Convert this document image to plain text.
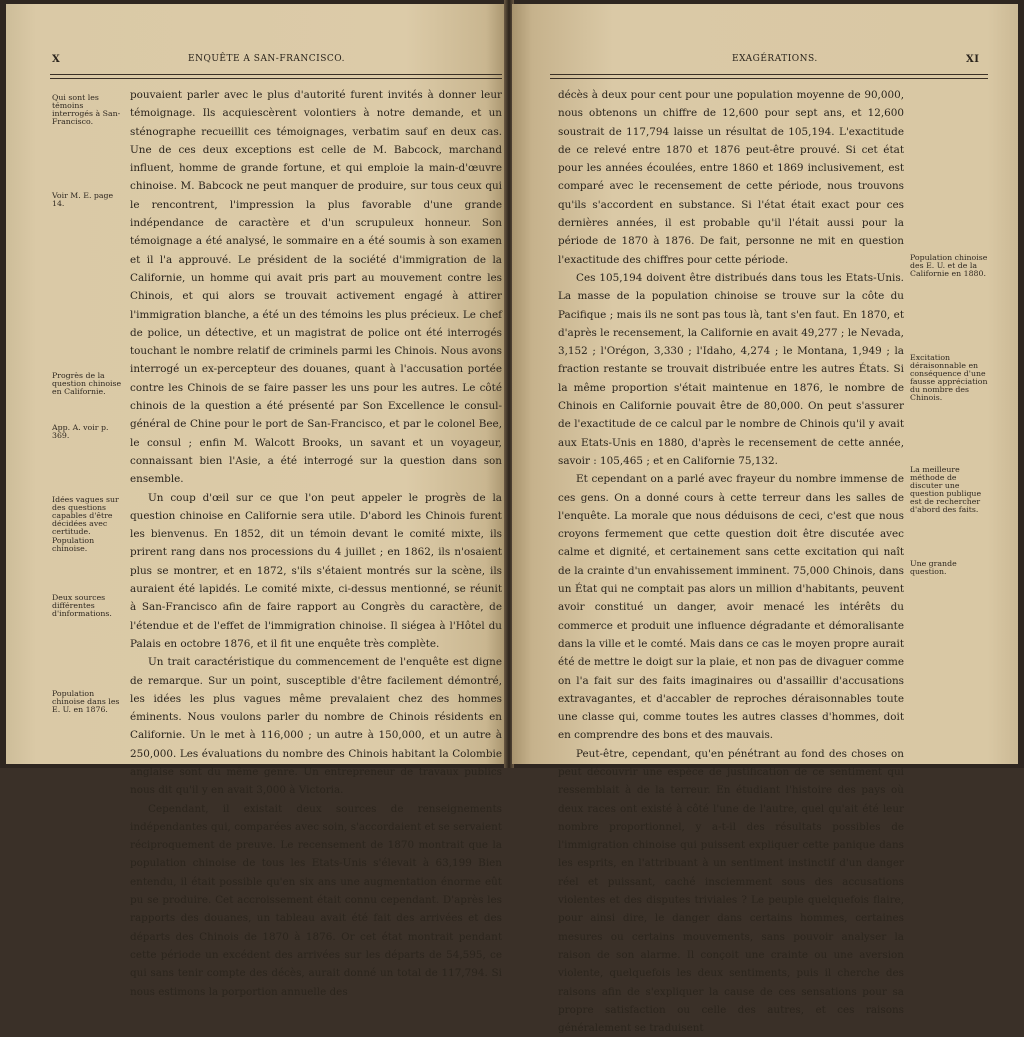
X	ENQUÊTE A SAN-FRANCISCO.
Qui sont les témoins interrogés à San-Francisco.
Voir M. E. page 14.
Progrès de la question chinoise en Californie.
App. A. voir p. 369.
Idées vagues sur des questions capables d'être décidées avec certitude.
Population chinoise.
Deux sources différentes d'informations.
Population chinoise dans les E. U. en 1876.

pouvaient parler avec le plus d'autorité furent invités à donner leur témoignage. Ils acquiescèrent volontiers à notre demande, et un sténographe recueillit ces témoignages, verbatim sauf en deux cas. Une de ces deux exceptions est celle de M. Babcock, marchand influent, homme de grande fortune, et qui emploie la main-d'œuvre chinoise. M. Babcock ne peut manquer de produire, sur tous ceux qui le rencontrent, l'impression la plus favorable d'une grande indépendance de caractère et d'un scrupuleux honneur. Son témoignage a été analysé, le sommaire en a été soumis à son examen et il l'a approuvé. Le président de la société d'immigration de la Californie, un homme qui avait pris part au mouvement contre les Chinois, et qui alors se trouvait activement engagé à attirer l'immigration blanche, a été un des témoins les plus précieux. Le chef de police, un détective, et un magistrat de police ont été interrogés touchant le nombre relatif de criminels parmi les Chinois. Nous avons interrogé un ex-percepteur des douanes, quant à l'accusation portée contre les Chinois de se faire passer les uns pour les autres. Le côté chinois de la question a été présenté par Son Excellence le consul-général de Chine pour le port de San-Francisco, et par le colonel Bee, le consul ; enfin M. Walcott Brooks, un savant et un voyageur, connaissant bien l'Asie, a été interrogé sur la question dans son ensemble.

Un coup d'œil sur ce que l'on peut appeler le progrès de la question chinoise en Californie sera utile. D'abord les Chinois furent les bienvenus. En 1852, dit un témoin devant le comité mixte, ils prirent rang dans nos processions du 4 juillet ; en 1862, ils n'osaient plus se montrer, et en 1872, s'ils s'étaient montrés sur la scène, ils auraient été lapidés. Le comité mixte, ci-dessus mentionné, se réunit à San-Francisco afin de faire rapport au Congrès du caractère, de l'étendue et de l'effet de l'immigration chinoise. Il siégea à l'Hôtel du Palais en octobre 1876, et il fit une enquête très complète.

Un trait caractéristique du commencement de l'enquête est digne de remarque. Sur un point, susceptible d'être facilement démontré, les idées les plus vagues même prevalaient chez des hommes éminents. Nous voulons parler du nombre de Chinois résidents en Californie. Un le met à 116,000 ; un autre à 150,000, et un autre à 250,000. Les évaluations du nombre des Chinois habitant la Colombie anglaise sont du même genre. Un entrepreneur de travaux publics nous dit qu'il y en avait 3,000 à Victoria.

Cependant, il existait deux sources de renseignements indépendantes qui, comparées avec soin, s'accordaient et se servaient réciproquement de preuve. Le recensement de 1870 montrait que la population chinoise de tous les Etats-Unis s'élevait à 63,199 Bien entendu, il était possible qu'en six ans une augmentation énorme eût pu se produire. Cet accroissement était connu cependant. D'après les rapports des douanes, un tableau avait été fait des arrivées et des départs des Chinois de 1870 à 1876. Or cet état montrait pendant cette période un excédent des arrivées sur les départs de 54,595, ce qui sans tenir compte des décès, aurait donné un total de 117,794. Si nous estimons la porportion annuelle des

EXAGÉRATIONS.	XI

décès à deux pour cent pour une population moyenne de 90,000, nous obtenons un chiffre de 12,600 pour sept ans, et 12,600 soustrait de 117,794 laisse un résultat de 105,194. L'exactitude de ce relevé entre 1870 et 1876 peut-être prouvé. Si cet état pour les années écoulées, entre 1860 et 1869 inclusivement, est comparé avec le recensement de cette période, nous trouvons qu'ils s'accordent en substance. Si l'état était exact pour ces dernières années, il est probable qu'il l'était aussi pour la période de 1870 à 1876. De fait, personne ne mit en question l'exactitude des chiffres pour cette période.

Ces 105,194 doivent être distribués dans tous les Etats-Unis. La masse de la population chinoise se trouve sur la côte du Pacifique ; mais ils ne sont pas tous là, tant s'en faut. En 1870, et d'après le recensement, la Californie en avait 49,277 ; le Nevada, 3,152 ; l'Orégon, 3,330 ; l'Idaho, 4,274 ; le Montana, 1,949 ; la fraction restante se trouvait distribuée entre les autres États. Si la même proportion s'était maintenue en 1876, le nombre de Chinois en Californie pouvait être de 80,000. On peut s'assurer de l'exactitude de ce calcul par le nombre de Chinois qu'il y avait aux Etats-Unis en 1880, d'après le recensement de cette année, savoir : 105,465 ; et en Californie 75,132.

Et cependant on a parlé avec frayeur du nombre immense de ces gens. On a donné cours à cette terreur dans les salles de l'enquête. La morale que nous déduisons de ceci, c'est que nous croyons fermement que cette question doit être discutée avec calme et dignité, et certainement sans cette excitation qui naît de la crainte d'un envahissement imminent. 75,000 Chinois, dans un État qui ne comptait pas alors un million d'habitants, peuvent avoir constitué un danger, avoir menacé les intérêts du commerce et produit une influence dégradante et démoralisante dans la ville et le comté. Mais dans ce cas le moyen propre aurait été de mettre le doigt sur la plaie, et non pas de divaguer comme on l'a fait sur des faits imaginaires ou d'assaillir d'accusations extravagantes, et d'accabler de reproches déraisonnables toute une classe qui, comme toutes les autres classes d'hommes, doit en comprendre des bons et des mauvais.

Peut-être, cependant, qu'en pénétrant au fond des choses on peut découvrir une espèce de justification de ce sentiment qui ressemblait à de la terreur. En étudiant l'histoire des pays où deux races ont existé à côté l'une de l'autre, quel qu'ait été leur nombre proportionnel, y a-t-il des résultats possibles de l'immigration chinoise qui puissent expliquer cette panique dans les esprits, en l'attribuant à un sentiment instinctif d'un danger réel et puissant, caché insciemment sous des accusations violentes et des disputes triviales ? Le peuple quelquefois flaire, pour ainsi dire, le danger dans certains hommes, certaines mesures ou certains mouvements, sans pouvoir analyser la raison de son alarme. Il conçoit une crainte ou une aversion violente, quelquefois les deux sentiments, puis il cherche des raisons afin de s'expliquer la cause de ces sensations pour sa propre satisfaction ou celle des autres, et ces raisons généralement se traduisent

Population chinoise des E. U. et de la Californie en 1880.
Excitation déraisonnable en conséquence d'une fausse appréciation du nombre des Chinois.
La meilleure méthode de discuter une question publique est de rechercher d'abord des faits.
Une grande question.
